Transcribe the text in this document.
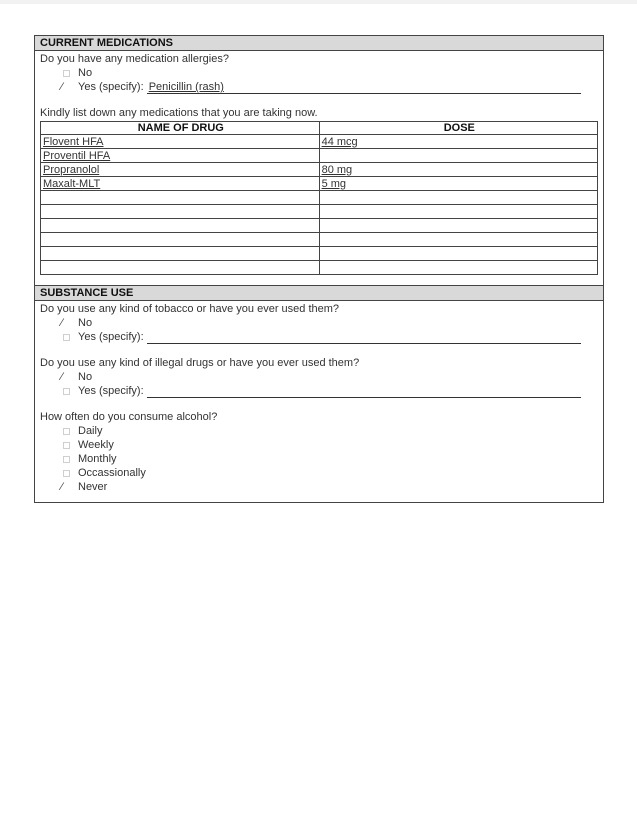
CURRENT MEDICATIONS
Do you have any medication allergies?
No
Yes (specify): Penicillin (rash)
Kindly list down any medications that you are taking now.
NAME OF DRUG	DOSE
Flovent HFA	44 mcg
Proventil HFA	
Propranolol	80 mg
Maxalt-MLT	5 mg

SUBSTANCE USE
Do you use any kind of tobacco or have you ever used them?
No
Yes (specify):
Do you use any kind of illegal drugs or have you ever used them?
No
Yes (specify):
How often do you consume alcohol?
Daily
Weekly
Monthly
Occassionally
Never
